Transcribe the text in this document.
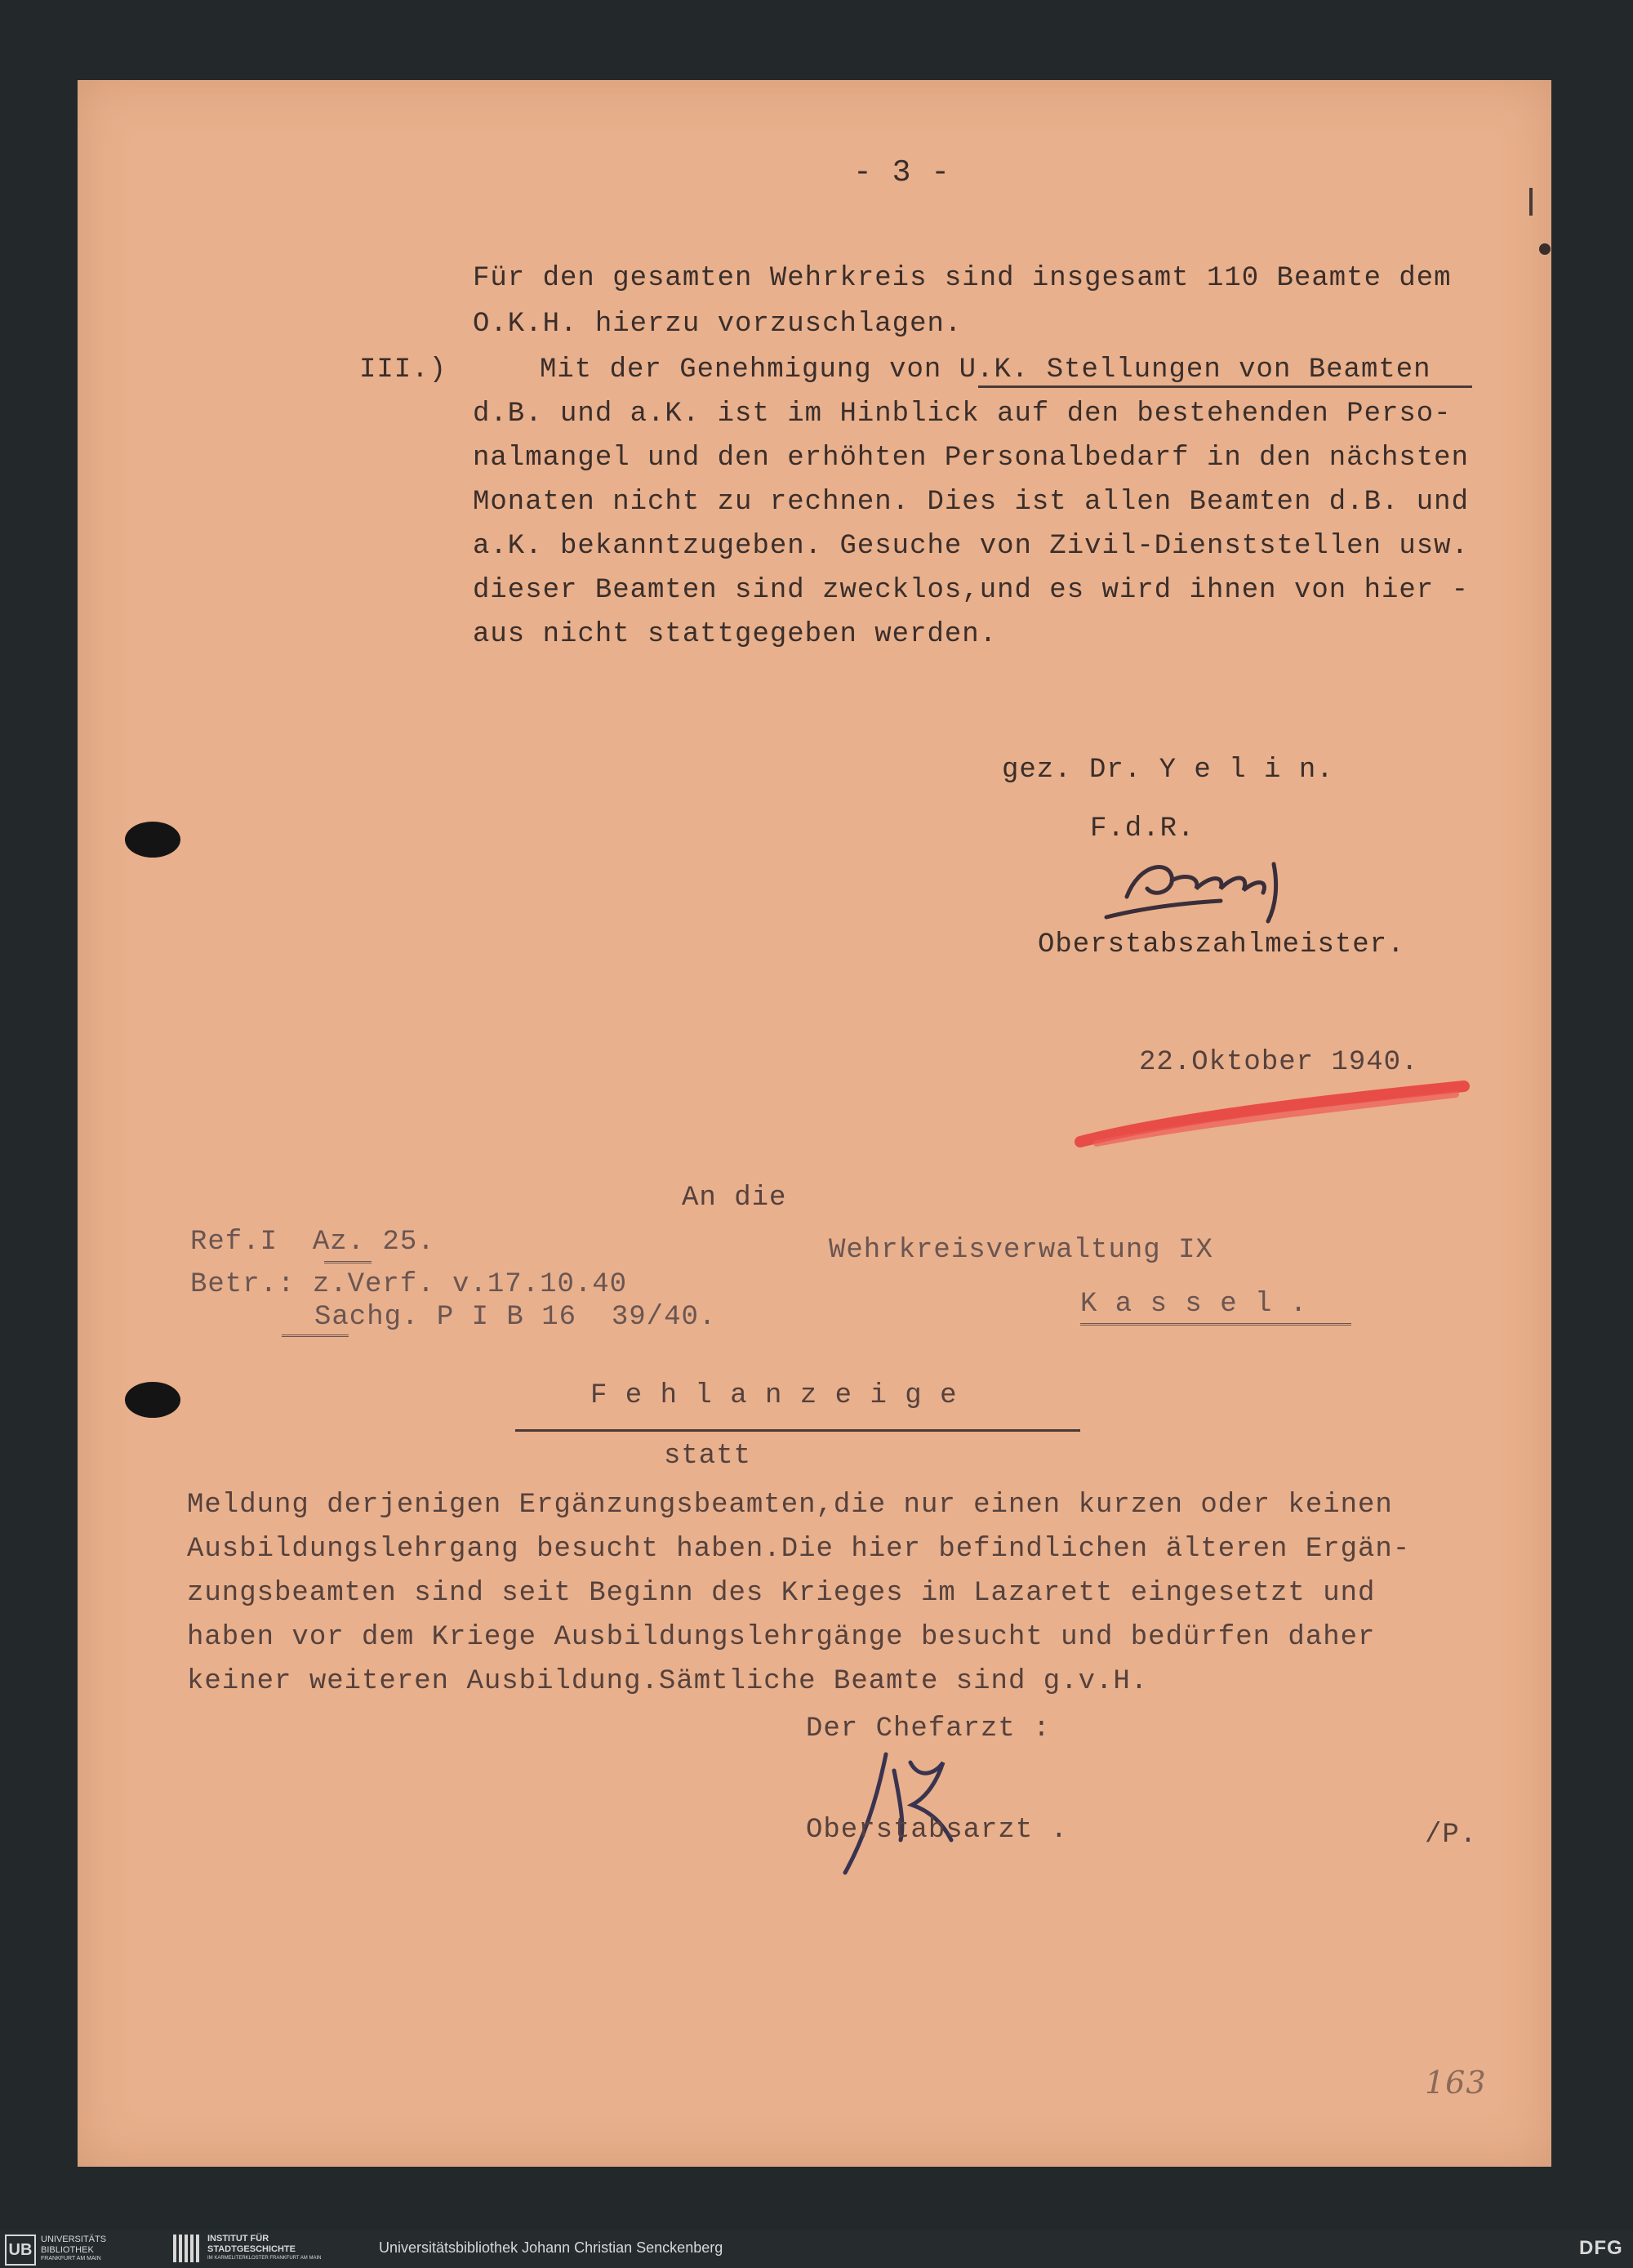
- 3 -
Für den gesamten Wehrkreis sind insgesamt 110 Beamte dem
O.K.H. hierzu vorzuschlagen.
III.)	Mit der Genehmigung von U.K. Stellungen von Beamten
d.B. und a.K. ist im Hinblick auf den bestehenden Perso-
nalmangel und den erhöhten Personalbedarf in den nächsten
Monaten nicht zu rechnen. Dies ist allen Beamten d.B. und
a.K. bekanntzugeben. Gesuche von Zivil-Dienststellen usw.
dieser Beamten sind zwecklos,und es wird ihnen von hier -
aus nicht stattgegeben werden.
gez. Dr. Y e l i n.
F.d.R.
Oberstabszahlmeister.
22.Oktober 1940.
An die
Ref.I  Az. 25.	Wehrkreisverwaltung IX
Betr.: z.Verf. v.17.10.40
Sachg. P I B 16  39/40.	K a s s e l .
F e h l a n z e i g e
statt
Meldung derjenigen Ergänzungsbeamten,die nur einen kurzen oder keinen
Ausbildungslehrgang besucht haben.Die hier befindlichen älteren Ergän-
zungsbeamten sind seit Beginn des Krieges im Lazarett eingesetzt und
haben vor dem Kriege Ausbildungslehrgänge besucht und bedürfen daher
keiner weiteren Ausbildung.Sämtliche Beamte sind g.v.H.
Der Chefarzt :
Oberstabsarzt .	/P.
163
UB
UNIVERSITÄTS
BIBLIOTHEK
FRANKFURT AM MAIN
INSTITUT FÜR
STADTGESCHICHTE
IM KARMELITERKLOSTER FRANKFURT AM MAIN
Universitätsbibliothek Johann Christian Senckenberg	DFG
